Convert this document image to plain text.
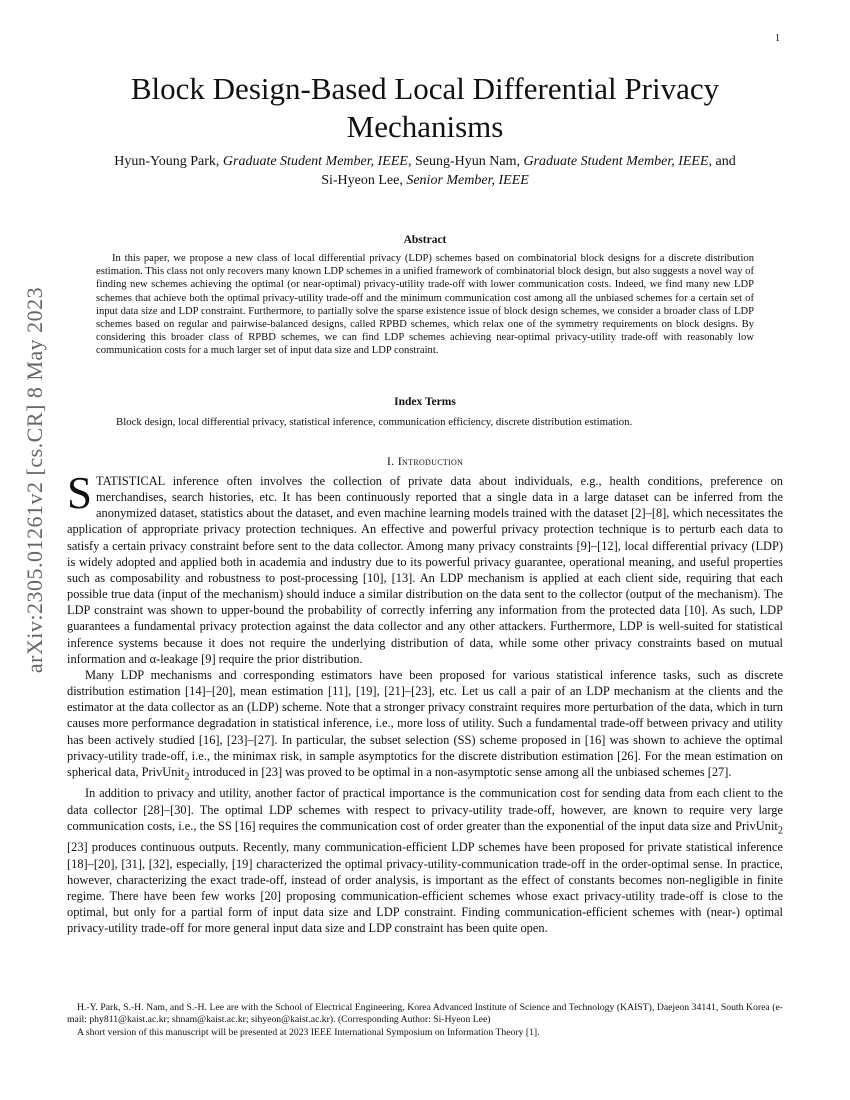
1
arXiv:2305.01261v2 [cs.CR] 8 May 2023
Block Design-Based Local Differential Privacy Mechanisms
Hyun-Young Park, Graduate Student Member, IEEE, Seung-Hyun Nam, Graduate Student Member, IEEE, and
Si-Hyeon Lee, Senior Member, IEEE
Abstract

In this paper, we propose a new class of local differential privacy (LDP) schemes based on combinatorial block designs for a discrete distribution estimation. This class not only recovers many known LDP schemes in a unified framework of combinatorial block design, but also suggests a novel way of finding new schemes achieving the optimal (or near-optimal) privacy-utility trade-off with lower communication costs. Indeed, we find many new LDP schemes that achieve both the optimal privacy-utility trade-off and the minimum communication cost among all the unbiased schemes for a certain set of input data size and LDP constraint. Furthermore, to partially solve the sparse existence issue of block design schemes, we consider a broader class of LDP schemes based on regular and pairwise-balanced designs, called RPBD schemes, which relax one of the symmetry requirements on block designs. By considering this broader class of RPBD schemes, we can find LDP schemes achieving near-optimal privacy-utility trade-off with reasonably low communication costs for a much larger set of input data size and LDP constraint.

Index Terms

Block design, local differential privacy, statistical inference, communication efficiency, discrete distribution estimation.

I. Introduction

STATISTICAL inference often involves the collection of private data about individuals, e.g., health conditions, preference on merchandises, search histories, etc. It has been continuously reported that a single data in a large dataset can be inferred from the anonymized dataset, statistics about the dataset, and even machine learning models trained with the dataset [2]–[8], which necessitates the application of appropriate privacy protection techniques. An effective and powerful privacy protection technique is to perturb each data to satisfy a certain privacy constraint before sent to the data collector. Among many privacy constraints [9]–[12], local differential privacy (LDP) is widely adopted and applied both in academia and industry due to its powerful privacy guarantee, operational meaning, and useful properties such as composability and robustness to post-processing [10], [13]. An LDP mechanism is applied at each client side, requiring that each possible true data (input of the mechanism) should induce a similar distribution on the data sent to the collector (output of the mechanism). The LDP constraint was shown to upper-bound the probability of correctly inferring any information from the protected data [10]. As such, LDP guarantees a fundamental privacy protection against the data collector and any other attackers. Furthermore, LDP is well-suited for statistical inference systems because it does not require the underlying distribution of data, while some other privacy constraints based on mutual information and α-leakage [9] require the prior distribution.

Many LDP mechanisms and corresponding estimators have been proposed for various statistical inference tasks, such as discrete distribution estimation [14]–[20], mean estimation [11], [19], [21]–[23], etc. Let us call a pair of an LDP mechanism at the clients and the estimator at the data collector as an (LDP) scheme. Note that a stronger privacy constraint requires more perturbation of the data, which in turn causes more performance degradation in statistical inference, i.e., more loss of utility. Such a fundamental trade-off between privacy and utility has been actively studied [16], [23]–[27]. In particular, the subset selection (SS) scheme proposed in [16] was shown to achieve the optimal privacy-utility trade-off, i.e., the minimax risk, in sample asymptotics for the discrete distribution estimation [26]. For the mean estimation on spherical data, PrivUnit$_2$ introduced in [23] was proved to be optimal in a non-asymptotic sense among all the unbiased schemes [27].

In addition to privacy and utility, another factor of practical importance is the communication cost for sending data from each client to the data collector [28]–[30]. The optimal LDP schemes with respect to privacy-utility trade-off, however, are known to require very large communication costs, i.e., the SS [16] requires the communication cost of order greater than the exponential of the input data size and PrivUnit$_2$ [23] produces continuous outputs. Recently, many communication-efficient LDP schemes have been proposed for private statistical inference [18]–[20], [31], [32], especially, [19] characterized the optimal privacy-utility-communication trade-off in the order-optimal sense. In practice, however, characterizing the exact trade-off, instead of order analysis, is important as the effect of constants becomes non-negligible in finite regime. There have been few works [20] proposing communication-efficient schemes whose exact privacy-utility trade-off is close to the optimal, but only for a partial form of input data size and LDP constraint. Finding communication-efficient schemes with (near-) optimal privacy-utility trade-off for more general input data size and LDP constraint has been quite open.

H.-Y. Park, S.-H. Nam, and S.-H. Lee are with the School of Electrical Engineering, Korea Advanced Institute of Science and Technology (KAIST), Daejeon 34141, South Korea (e-mail: phy811@kaist.ac.kr; shnam@kaist.ac.kr; sihyeon@kaist.ac.kr). (Corresponding Author: Si-Hyeon Lee)

A short version of this manuscript will be presented at 2023 IEEE International Symposium on Information Theory [1].
